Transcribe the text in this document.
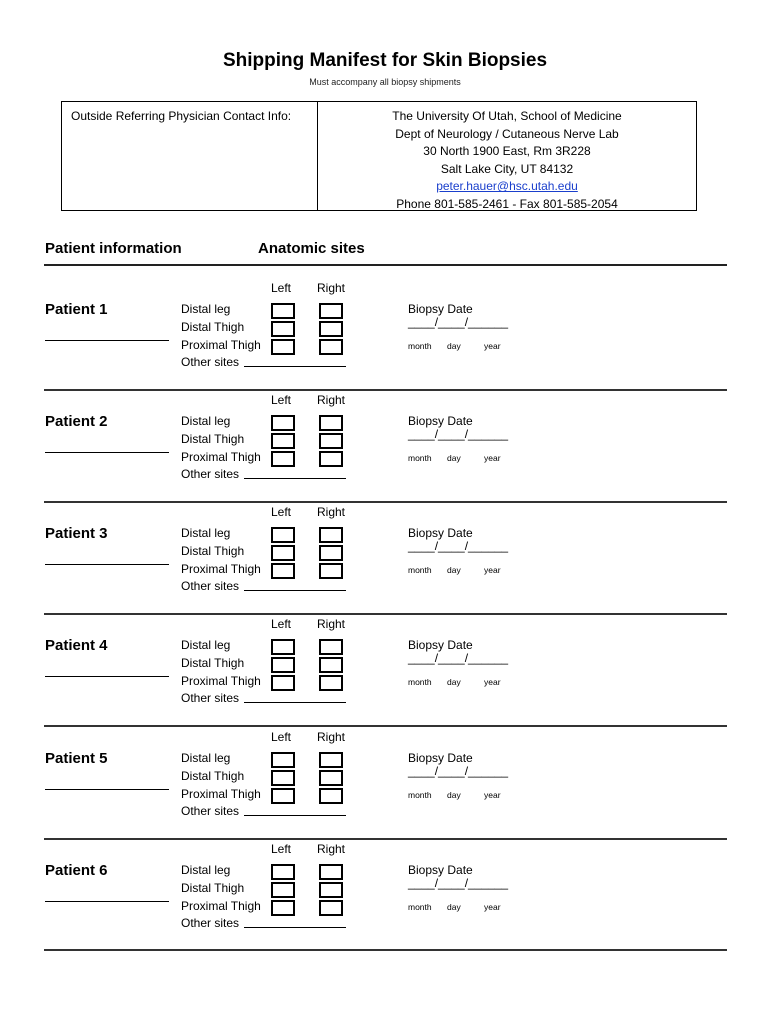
Shipping Manifest for Skin Biopsies
Must accompany all biopsy shipments
Outside Referring Physician Contact Info:	The University Of Utah, School of Medicine
Dept of Neurology / Cutaneous Nerve Lab
30 North 1900 East, Rm 3R228
Salt Lake City, UT 84132
peter.hauer@hsc.utah.edu
Phone 801-585-2461 - Fax 801-585-2054
Patient information	Anatomic sites
Left Right
Patient 1	Distal leg
Distal Thigh
Proximal Thigh
Other sites
Biopsy Date
____/____/______
month day	year
Left Right
Patient 2	Distal leg
Distal Thigh
Proximal Thigh
Other sites
Biopsy Date
____/____/______
month day	year
Left Right
Patient 3	Distal leg
Distal Thigh
Proximal Thigh
Other sites
Biopsy Date
____/____/______
month day	year
Left Right
Patient 4	Distal leg
Distal Thigh
Proximal Thigh
Other sites
Biopsy Date
____/____/______
month day	year
Left Right
Patient 5	Distal leg
Distal Thigh
Proximal Thigh
Other sites
Biopsy Date
____/____/______
month day	year
Left Right
Patient 6	Distal leg
Distal Thigh
Proximal Thigh
Other sites
Biopsy Date
____/____/______
month day	year
